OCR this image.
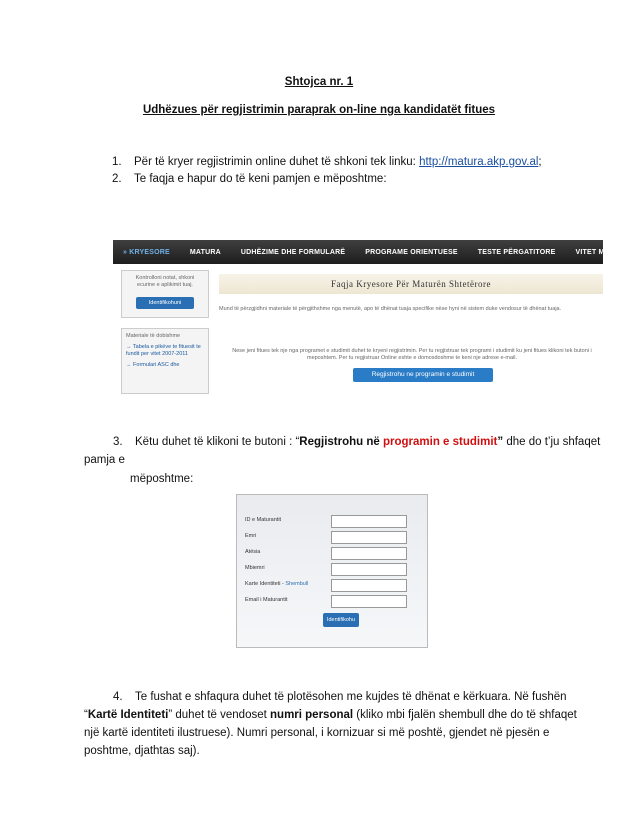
Shtojca nr. 1
Udhëzues për regjistrimin paraprak on-line nga kandidatët fitues
1. Për të kryer regjistrimin online duhet të shkoni tek linku: http://matura.akp.gov.al;
2. Te faqja e hapur do të keni pamjen e mëposhtme:
» KRYESORE	MATURA	UDHËZIME DHE FORMULARË	PROGRAME ORIENTUESE	TESTE PËRGATITORE	VITET MË PARË
Kontrolloni notat, shkoni ecurine e aplikimit tuaj.
Identifikohuni
Materiale të dobishme
→ Tabela e pikëve te fituesit te fundit per vitet 2007-2011
→ Formulari ASC dhe
Faqja Kryesore Për Maturën Shtetërore
Mund të përzgjidhni materiale të përgjithshme nga menutë, apo të dhënat tuaja specifike nëse hyni në sistem duke vendosur të dhënat tuaja.
Nese jeni fitues tek nje nga programet e studimit duhet te kryeni regjistrimin. Per tu regjistruar tek programi i studimit ku jeni fitues klikoni tek butoni i meposhtem. Per tu regjistruar Online eshte e domosdoshme te keni nje adrese e-mail.
Regjistrohu ne programin e studimit
3. Këtu duhet të klikoni te butoni : “Regjistrohu në programin e studimit” dhe do t’ju shfaqet
pamja e
mëposhtme:
ID e Maturantit
Emri
Atësia
Mbiemri
Karte Identiteti - Shembull
Email i Maturantit
Identifikohu
4. Te fushat e shfaqura duhet të plotësohen me kujdes të dhënat e kërkuara. Në fushën
“Kartë Identiteti” duhet të vendoset numri personal (kliko mbi fjalën shembull dhe do të shfaqet
një kartë identiteti ilustruese). Numri personal, i kornizuar si më poshtë, gjendet në pjesën e
poshtme, djathtas saj).
